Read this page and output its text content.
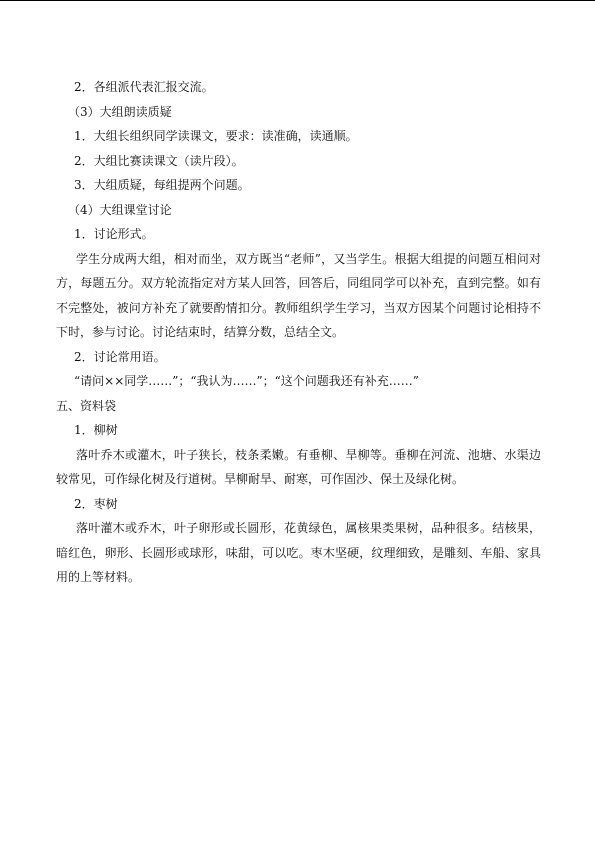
2．各组派代表汇报交流。

（3）大组朗读质疑

1．大组长组织同学读课文，要求：读准确，读通顺。

2．大组比赛读课文（读片段）。

3．大组质疑，每组提两个问题。

（4）大组课堂讨论

1．讨论形式。

学生分成两大组，相对而坐，双方既当“老师”，又当学生。根据大组提的问题互相问对方，每题五分。双方轮流指定对方某人回答，回答后，同组同学可以补充，直到完整。如有不完整处，被问方补充了就要酌情扣分。教师组织学生学习，当双方因某个问题讨论相持不下时，参与讨论。讨论结束时，结算分数，总结全文。

2．讨论常用语。

“请问××同学……”；“我认为……”；“这个问题我还有补充……”

五、资料袋

1．柳树

落叶乔木或灌木，叶子狭长，枝条柔嫩。有垂柳、旱柳等。垂柳在河流、池塘、水渠边较常见，可作绿化树及行道树。旱柳耐旱、耐寒，可作固沙、保土及绿化树。

2．枣树

落叶灌木或乔木，叶子卵形或长圆形，花黄绿色，属核果类果树，品种很多。结核果，暗红色，卵形、长圆形或球形，味甜，可以吃。枣木坚硬，纹理细致，是雕刻、车船、家具用的上等材料。
